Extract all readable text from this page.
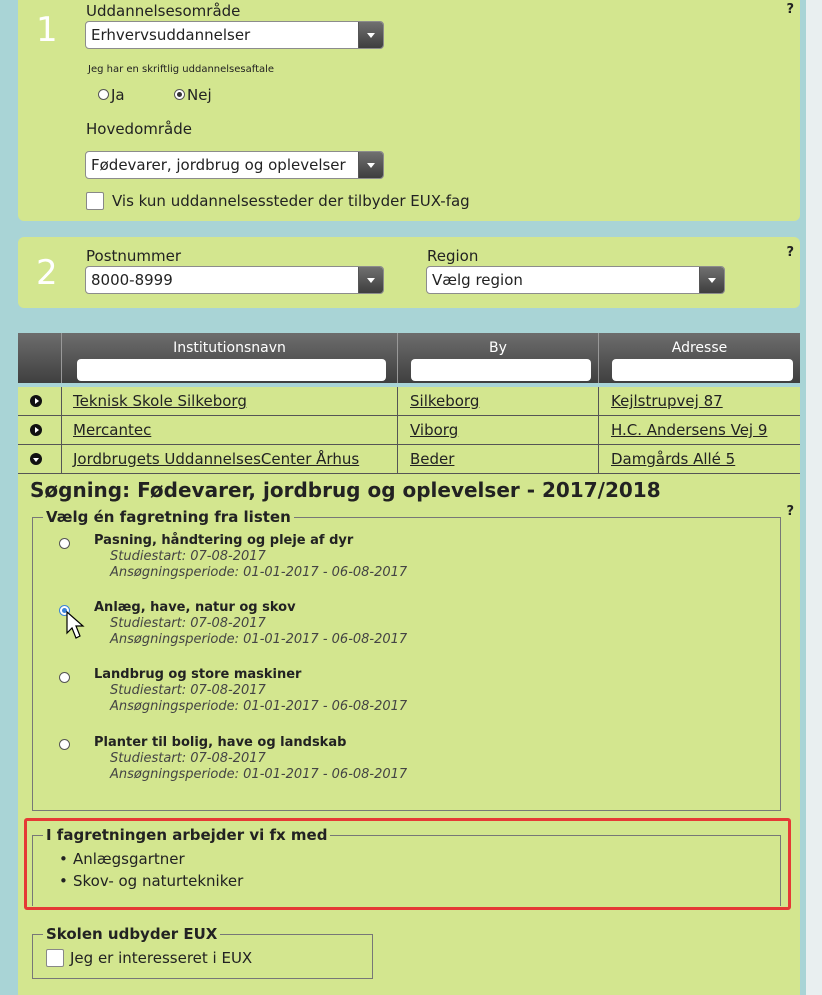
1
?
Uddannelsesområde
Erhvervsuddannelser
Jeg har en skriftlig uddannelsesaftale
Ja	Nej
Hovedområde
Fødevarer, jordbrug og oplevelser
Vis kun uddannelsessteder der tilbyder EUX-fag
2
?
Postnummer
8000-8999
Region
Vælg region
Institutionsnavn	By	Adresse
Teknisk Skole Silkeborg	Silkeborg	Kejlstrupvej 87
Mercantec	Viborg	H.C. Andersens Vej 9
Jordbrugets UddannelsesCenter Århus	Beder	Damgårds Allé 5
Søgning: Fødevarer, jordbrug og oplevelser - 2017/2018
?
Vælg én fagretning fra listen
Pasning, håndtering og pleje af dyr
Studiestart: 07-08-2017
Ansøgningsperiode: 01-01-2017 - 06-08-2017
Anlæg, have, natur og skov
Studiestart: 07-08-2017
Ansøgningsperiode: 01-01-2017 - 06-08-2017
Landbrug og store maskiner
Studiestart: 07-08-2017
Ansøgningsperiode: 01-01-2017 - 06-08-2017
Planter til bolig, have og landskab
Studiestart: 07-08-2017
Ansøgningsperiode: 01-01-2017 - 06-08-2017
I fagretningen arbejder vi fx med
• Anlægsgartner
• Skov- og naturtekniker
Skolen udbyder EUX
Jeg er interesseret i EUX
